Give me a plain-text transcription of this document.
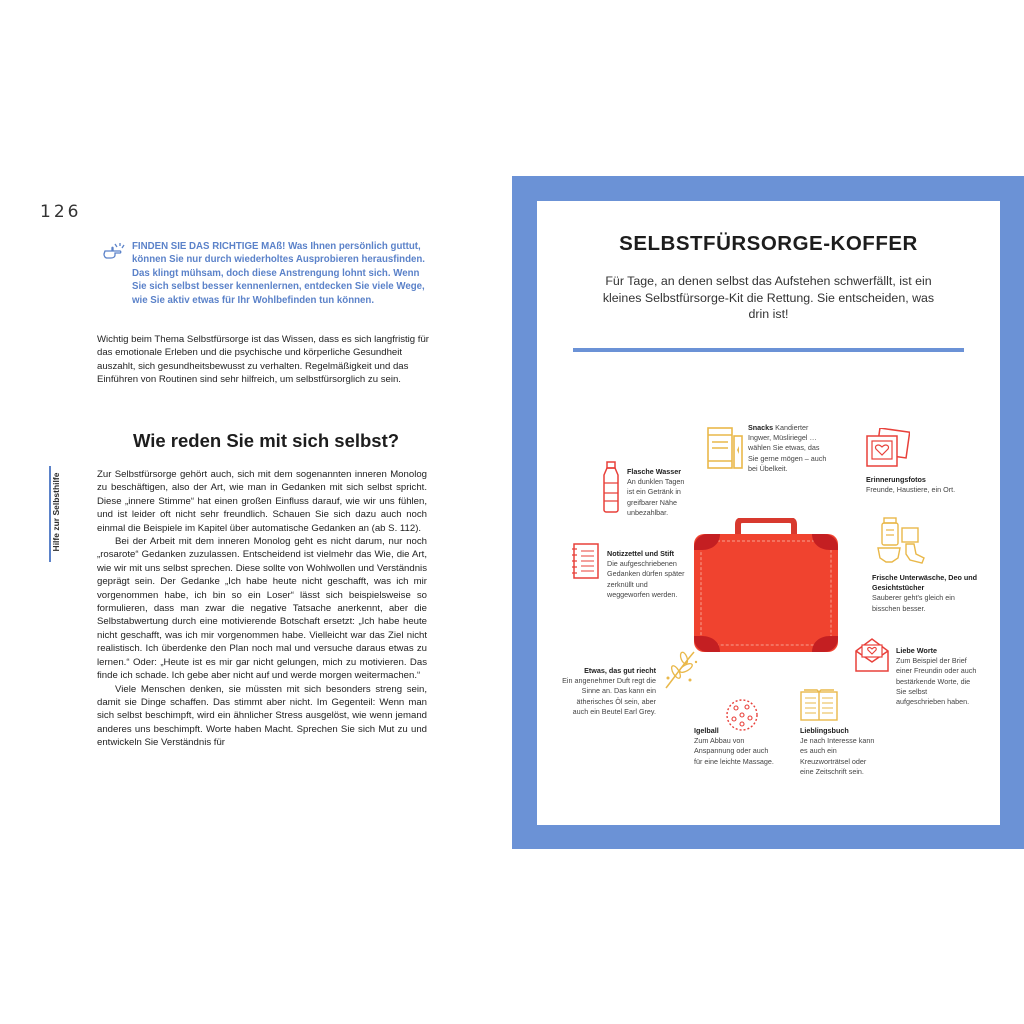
126
Hilfe zur Selbsthilfe

FINDEN SIE DAS RICHTIGE MAß! Was Ihnen persönlich guttut, können Sie nur durch wiederholtes Ausprobieren herausfinden. Das klingt mühsam, doch diese Anstrengung lohnt sich. Wenn Sie sich selbst besser kennenlernen, entdecken Sie viele Wege, wie Sie aktiv etwas für Ihr Wohlbefinden tun können.

Wichtig beim Thema Selbstfürsorge ist das Wissen, dass es sich langfristig für das emotionale Erleben und die psychische und körperliche Gesundheit auszahlt, sich gesundheitsbewusst zu verhalten. Regelmäßigkeit und das Einführen von Routinen sind sehr hilfreich, um selbstfürsorglich zu sein.

Wie reden Sie mit sich selbst?

Zur Selbstfürsorge gehört auch, sich mit dem sogenannten inneren Monolog zu beschäftigen, also der Art, wie man in Gedanken mit sich selbst spricht. Diese „innere Stimme“ hat einen großen Einfluss darauf, wie wir uns fühlen, und ist leider oft nicht sehr freundlich. Schauen Sie sich dazu auch noch einmal die Beispiele im Kapitel über automatische Gedanken an (ab S. 112).

Bei der Arbeit mit dem inneren Monolog geht es nicht darum, nur noch „rosarote“ Gedanken zuzulassen. Entscheidend ist vielmehr das Wie, die Art, wie wir mit uns selbst sprechen. Diese sollte von Wohlwollen und Verständnis geprägt sein. Der Gedanke „Ich habe heute nicht geschafft, was ich mir vorgenommen habe, ich bin so ein Loser“ lässt sich beispielsweise so formulieren, dass man zwar die negative Tatsache anerkennt, aber die Selbstabwertung durch eine motivierende Botschaft ersetzt: „Ich habe heute nicht geschafft, was ich mir vorgenommen habe. Vielleicht war das Ziel nicht realistisch. Ich überdenke den Plan noch mal und versuche daraus etwas zu lernen.“ Oder: „Heute ist es mir gar nicht gelungen, mich zu motivieren. Das finde ich schade. Ich gebe aber nicht auf und werde morgen weitermachen.“

Viele Menschen denken, sie müssten mit sich besonders streng sein, damit sie Dinge schaffen. Das stimmt aber nicht. Im Gegenteil: Wenn man sich selbst beschimpft, wird ein ähnlicher Stress ausgelöst, wie wenn jemand anderes uns beschimpft. Worte haben Macht. Sprechen Sie sich Mut zu und entwickeln Sie Verständnis für

SELBSTFÜRSORGE-KOFFER

Für Tage, an denen selbst das Aufstehen schwerfällt, ist ein kleines Selbstfürsorge-Kit die Rettung. Sie entscheiden, was drin ist!

Snacks Kandierter Ingwer, Müsliriegel … wählen Sie etwas, das Sie gerne mögen – auch bei Übelkeit.
Flasche Wasser
An dunklen Tagen ist ein Getränk in greifbarer Nähe unbezahlbar.
Erinnerungsfotos
Freunde, Haustiere, ein Ort.
Notizzettel und Stift
Die aufgeschriebenen Gedanken dürfen später zerknüllt und weggeworfen werden.
Frische Unterwäsche, Deo und Gesichtstücher
Sauberer geht's gleich ein bisschen besser.
Liebe Worte
Zum Beispiel der Brief einer Freundin oder auch bestärkende Worte, die Sie selbst aufgeschrieben haben.
Etwas, das gut riecht
Ein angenehmer Duft regt die Sinne an. Das kann ein ätherisches Öl sein, aber auch ein Beutel Earl Grey.
Igelball
Zum Abbau von Anspannung oder auch für eine leichte Massage.
Lieblingsbuch
Je nach Interesse kann es auch ein Kreuzworträtsel oder eine Zeitschrift sein.
